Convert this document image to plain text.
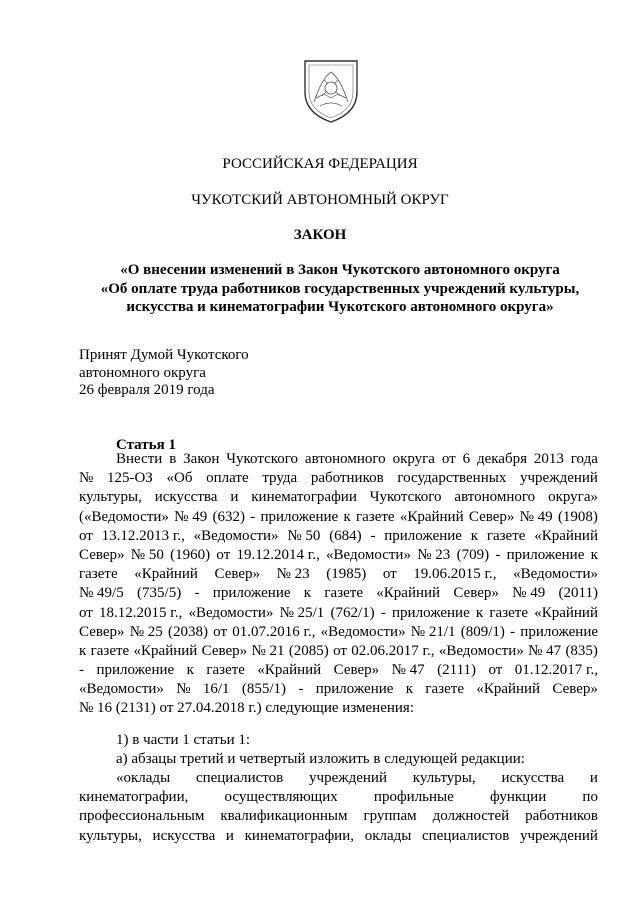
РОССИЙСКАЯ ФЕДЕРАЦИЯ
ЧУКОТСКИЙ АВТОНОМНЫЙ ОКРУГ
ЗАКОН
«О внесении изменений в Закон Чукотского автономного округа
«Об оплате труда работников государственных учреждений культуры,
искусства и кинематографии Чукотского автономного округа»
Принят Думой Чукотского
автономного округа
26 февраля 2019 года
Статья 1
Внести в Закон Чукотского автономного округа от 6 декабря 2013 года
№ 125-ОЗ «Об оплате труда работников государственных учреждений
культуры, искусства и кинематографии Чукотского автономного округа»
(«Ведомости» № 49 (632) - приложение к газете «Крайний Север» № 49 (1908)
от 13.12.2013 г., «Ведомости» № 50 (684) - приложение к газете «Крайний
Север» № 50 (1960) от 19.12.2014 г., «Ведомости» № 23 (709) - приложение к
газете «Крайний Север» № 23 (1985) от 19.06.2015 г., «Ведомости»
№ 49/5 (735/5) - приложение к газете «Крайний Север» № 49 (2011)
от 18.12.2015 г., «Ведомости» № 25/1 (762/1) - приложение к газете «Крайний
Север» № 25 (2038) от 01.07.2016 г., «Ведомости» № 21/1 (809/1) - приложение
к газете «Крайний Север» № 21 (2085) от 02.06.2017 г., «Ведомости» № 47 (835)
- приложение к газете «Крайний Север» № 47 (2111) от 01.12.2017 г.,
«Ведомости» № 16/1 (855/1) - приложение к газете «Крайний Север»
№ 16 (2131) от 27.04.2018 г.) следующие изменения:
1) в части 1 статьи 1:
а) абзацы третий и четвертый изложить в следующей редакции:
«оклады специалистов учреждений культуры, искусства и
кинематографии, осуществляющих профильные функции по
профессиональным квалификационным группам должностей работников
культуры, искусства и кинематографии, оклады специалистов учреждений
